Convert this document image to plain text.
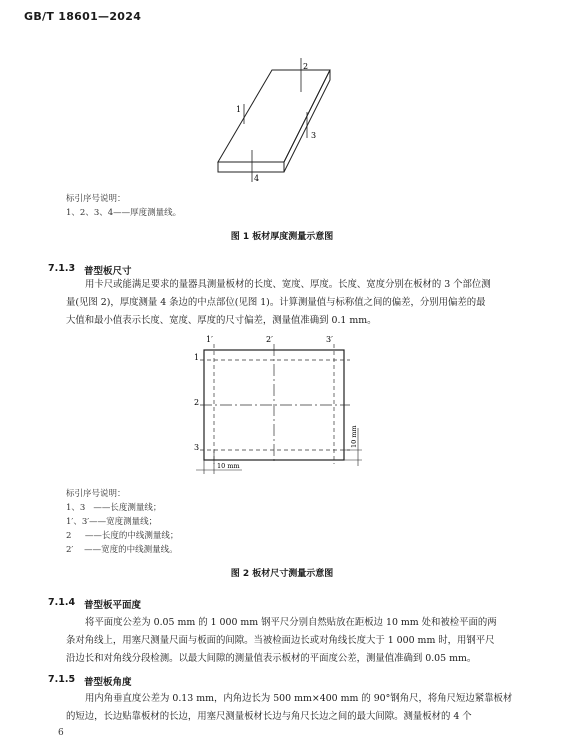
GB/T 18601—2024
1
2
3
4
标引序号说明：
1、2、3、4——厚度测量线。
图 1 板材厚度测量示意图
7.1.3 普型板尺寸
用卡尺或能满足要求的量器具测量板材的长度、宽度、厚度。长度、宽度分别在板材的 3 个部位测
量(见图 2)，厚度测量 4 条边的中点部位(见图 1)。计算测量值与标称值之间的偏差，分别用偏差的最
大值和最小值表示长度、宽度、厚度的尺寸偏差，测量值准确到 0.1 mm。
1′	2′	3′
1
2
3
10 mm
10 mm
标引序号说明：
1、3   ——长度测量线；
1′、3′——宽度测量线；
2     ——长度的中线测量线；
2′    ——宽度的中线测量线。
图 2 板材尺寸测量示意图
7.1.4 普型板平面度
将平面度公差为 0.05 mm 的 1 000 mm 钢平尺分别自然贴放在距板边 10 mm 处和被检平面的两
条对角线上，用塞尺测量尺面与板面的间隙。当被检面边长或对角线长度大于 1 000 mm 时，用钢平尺
沿边长和对角线分段检测。以最大间隙的测量值表示板材的平面度公差，测量值准确到 0.05 mm。
7.1.5 普型板角度
用内角垂直度公差为 0.13 mm，内角边长为 500 mm×400 mm 的 90°钢角尺，将角尺短边紧靠板材
的短边，长边贴靠板材的长边，用塞尺测量板材长边与角尺长边之间的最大间隙。测量板材的 4 个
6
